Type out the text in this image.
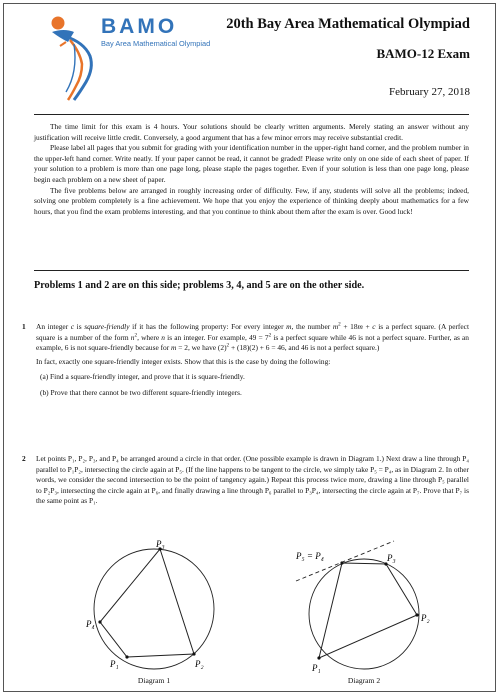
BAMO
Bay Area Mathematical Olympiad
20th Bay Area Mathematical Olympiad
BAMO-12 Exam
February 27, 2018

The time limit for this exam is 4 hours. Your solutions should be clearly written arguments. Merely stating an answer without any justification will receive little credit. Conversely, a good argument that has a few minor errors may receive substantial credit.

Please label all pages that you submit for grading with your identification number in the upper-right hand corner, and the problem number in the upper-left hand corner. Write neatly. If your paper cannot be read, it cannot be graded! Please write only on one side of each sheet of paper. If your solution to a problem is more than one page long, please staple the pages together. Even if your solution is less than one page long, please begin each problem on a new sheet of paper.

The five problems below are arranged in roughly increasing order of difficulty. Few, if any, students will solve all the problems; indeed, solving one problem completely is a fine achievement. We hope that you enjoy the experience of thinking deeply about mathematics for a few hours, that you find the exam problems interesting, and that you continue to think about them after the exam is over. Good luck!

Problems 1 and 2 are on this side; problems 3, 4, and 5 are on the other side.
1 An integer c is square-friendly if it has the following property: For every integer m, the number $m^2 + 18m + c$ is a perfect square. (A perfect square is a number of the form $n^2$, where n is an integer. For example, $49 = 7^2$ is a perfect square while 46 is not a perfect square. Further, as an example, 6 is not square-friendly because for m = 2, we have $(2)^2 + (18)(2) + 6 = 46$, and 46 is not a perfect square.)

In fact, exactly one square-friendly integer exists. Show that this is the case by doing the following:

(a) Find a square-friendly integer, and prove that it is square-friendly.
(b) Prove that there cannot be two different square-friendly integers.
2 Let points P₁, P₂, P₃, and P₄ be arranged around a circle in that order. (One possible example is drawn in Diagram 1.) Next draw a line through P₄ parallel to P₁P₂, intersecting the circle again at P₅. (If the line happens to be tangent to the circle, we simply take P₅ = P₄, as in Diagram 2. In other words, we consider the second intersection to be the point of tangency again.) Repeat this process twice more, drawing a line through P₅ parallel to P₂P₃, intersecting the circle again at P₆, and finally drawing a line through P₆ parallel to P₃P₄, intersecting the circle again at P₇. Prove that P₇ is the same point as P₁.

P₃
P₂
P₁
P₄
Diagram 1
P₅ = P₄	P₃
P₂
P₁
Diagram 2
